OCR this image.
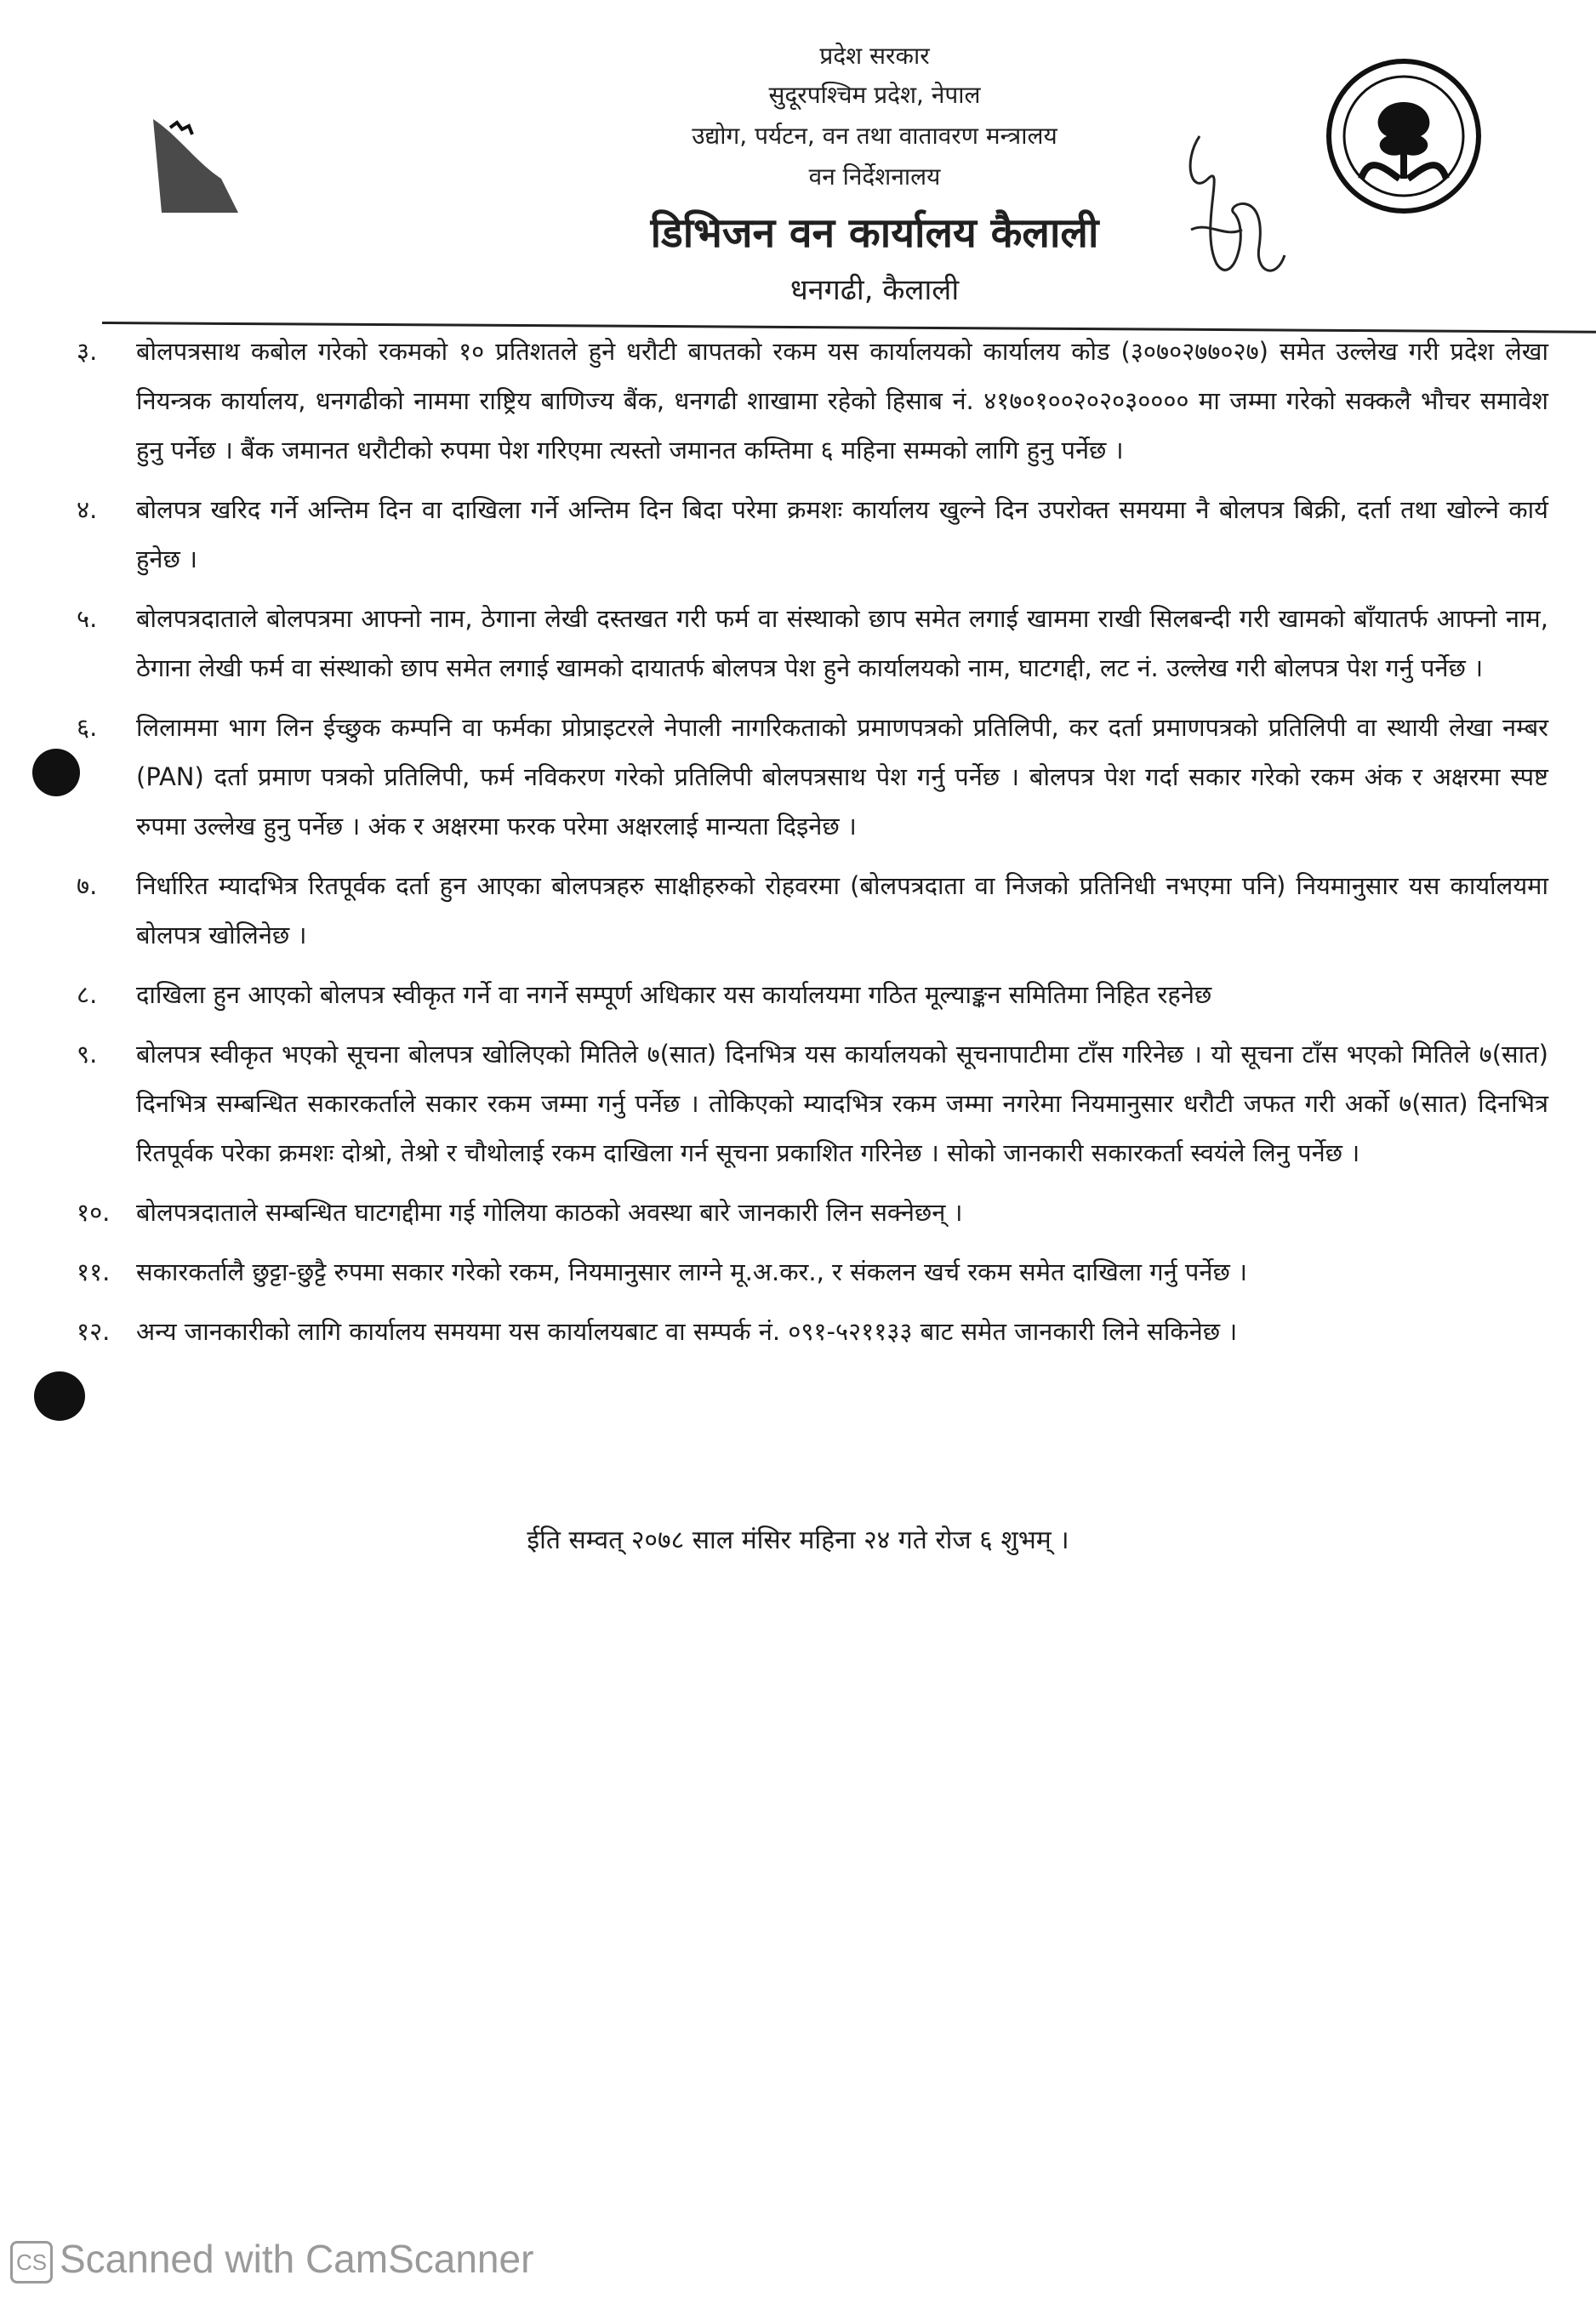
प्रदेश सरकार
सुदूरपश्चिम प्रदेश, नेपाल
उद्योग, पर्यटन, वन तथा वातावरण मन्त्रालय
वन निर्देशनालय
डिभिजन वन कार्यालय कैलाली
धनगढी, कैलाली
३.	बोलपत्रसाथ कबोल गरेको रकमको १० प्रतिशतले हुने धरौटी बापतको रकम यस कार्यालयको कार्यालय कोड (३०७०२७७०२७) समेत उल्लेख गरी प्रदेश लेखा नियन्त्रक कार्यालय, धनगढीको नाममा राष्ट्रिय बाणिज्य बैंक, धनगढी शाखामा रहेको हिसाब नं. ४१७०१००२०२०३०००० मा जम्मा गरेको सक्कलै भौचर समावेश हुनु पर्नेछ । बैंक जमानत धरौटीको रुपमा पेश गरिएमा त्यस्तो जमानत कम्तिमा ६ महिना सम्मको लागि हुनु पर्नेछ ।
४.	बोलपत्र खरिद गर्ने अन्तिम दिन वा दाखिला गर्ने अन्तिम दिन बिदा परेमा क्रमशः कार्यालय खुल्ने दिन उपरोक्त समयमा नै बोलपत्र बिक्री, दर्ता तथा खोल्ने कार्य हुनेछ ।
५.	बोलपत्रदाताले बोलपत्रमा आफ्नो नाम, ठेगाना लेखी दस्तखत गरी फर्म वा संस्थाको छाप समेत लगाई खाममा राखी सिलबन्दी गरी खामको बाँयातर्फ आफ्नो नाम, ठेगाना लेखी फर्म वा संस्थाको छाप समेत लगाई खामको दायातर्फ बोलपत्र पेश हुने कार्यालयको नाम, घाटगद्दी, लट नं. उल्लेख गरी बोलपत्र पेश गर्नु पर्नेछ ।
६.	लिलाममा भाग लिन ईच्छुक कम्पनि वा फर्मका प्रोप्राइटरले नेपाली नागरिकताको प्रमाणपत्रको प्रतिलिपी, कर दर्ता प्रमाणपत्रको प्रतिलिपी वा स्थायी लेखा नम्बर (PAN) दर्ता प्रमाण पत्रको प्रतिलिपी, फर्म नविकरण गरेको प्रतिलिपी बोलपत्रसाथ पेश गर्नु पर्नेछ । बोलपत्र पेश गर्दा सकार गरेको रकम अंक र अक्षरमा स्पष्ट रुपमा उल्लेख हुनु पर्नेछ । अंक र अक्षरमा फरक परेमा अक्षरलाई मान्यता दिइनेछ ।
७.	निर्धारित म्यादभित्र रितपूर्वक दर्ता हुन आएका बोलपत्रहरु साक्षीहरुको रोहवरमा (बोलपत्रदाता वा निजको प्रतिनिधी नभएमा पनि) नियमानुसार यस कार्यालयमा बोलपत्र खोलिनेछ ।
८.	दाखिला हुन आएको बोलपत्र स्वीकृत गर्ने वा नगर्ने सम्पूर्ण अधिकार यस कार्यालयमा गठित मूल्याङ्कन समितिमा निहित रहनेछ
९.	बोलपत्र स्वीकृत भएको सूचना बोलपत्र खोलिएको मितिले ७(सात) दिनभित्र यस कार्यालयको सूचनापाटीमा टाँस गरिनेछ । यो सूचना टाँस भएको मितिले ७(सात) दिनभित्र सम्बन्धित सकारकर्ताले सकार रकम जम्मा गर्नु पर्नेछ । तोकिएको म्यादभित्र रकम जम्मा नगरेमा नियमानुसार धरौटी जफत गरी अर्को ७(सात) दिनभित्र रितपूर्वक परेका क्रमशः दोश्रो, तेश्रो र चौथोलाई रकम दाखिला गर्न सूचना प्रकाशित गरिनेछ । सोको जानकारी सकारकर्ता स्वयंले लिनु पर्नेछ ।
१०.	बोलपत्रदाताले सम्बन्धित घाटगद्दीमा गई गोलिया काठको अवस्था बारे जानकारी लिन सक्नेछन् ।
११.	सकारकर्तालै छुट्टा-छुट्टै रुपमा सकार गरेको रकम, नियमानुसार लाग्ने मू.अ.कर., र संकलन खर्च रकम समेत दाखिला गर्नु पर्नेछ ।
१२.	अन्य जानकारीको लागि कार्यालय समयमा यस कार्यालयबाट वा सम्पर्क नं. ०९१-५२११३३ बाट समेत जानकारी लिने सकिनेछ ।
ईति सम्वत् २०७८ साल मंसिर महिना २४ गते रोज ६ शुभम् ।
CS Scanned with CamScanner
